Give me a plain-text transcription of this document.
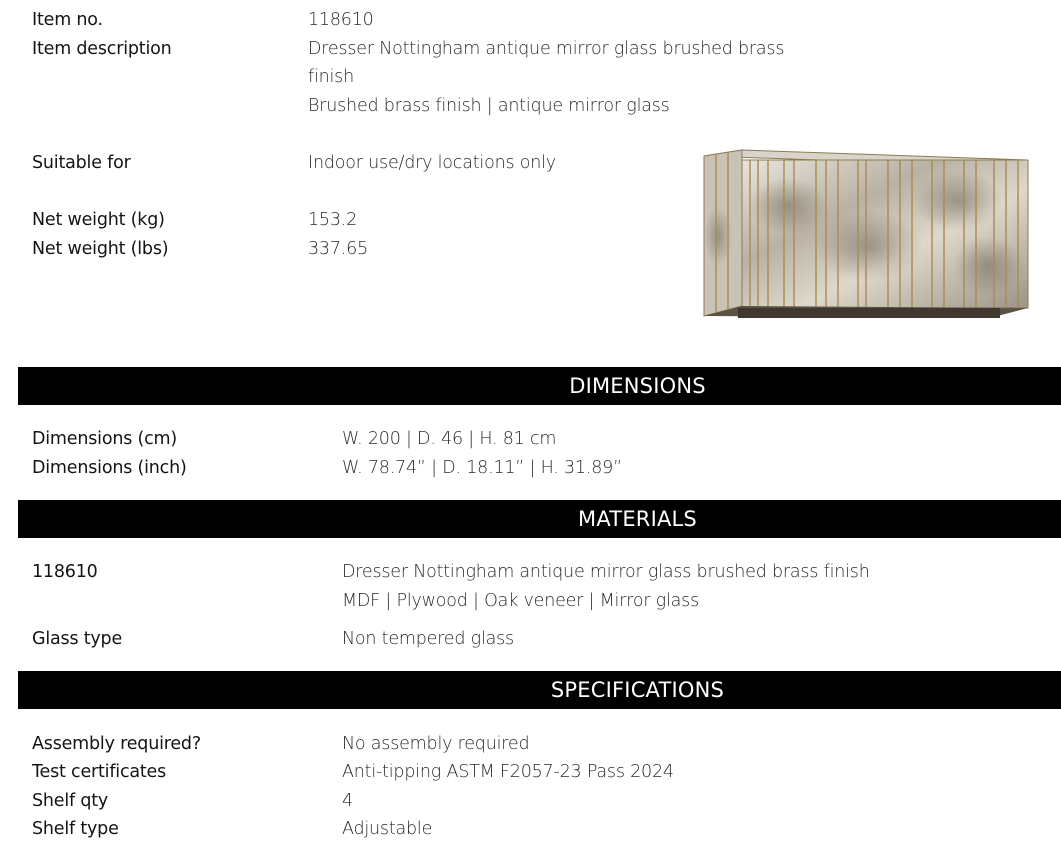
Item no.	118610
Item description	Dresser Nottingham antique mirror glass brushed brass
finish
Brushed brass finish | antique mirror glass
Suitable for	Indoor use/dry locations only
Net weight (kg)	153.2
Net weight (lbs)	337.65
DIMENSIONS
Dimensions (cm)	W. 200 | D. 46 | H. 81 cm
Dimensions (inch)	W. 78.74” | D. 18.11” | H. 31.89”
MATERIALS
118610	Dresser Nottingham antique mirror glass brushed brass finish
MDF | Plywood | Oak veneer | Mirror glass
Glass type	Non tempered glass
SPECIFICATIONS
Assembly required?	No assembly required
Test certificates	Anti-tipping ASTM F2057-23 Pass 2024
Shelf qty	4
Shelf type	Adjustable
